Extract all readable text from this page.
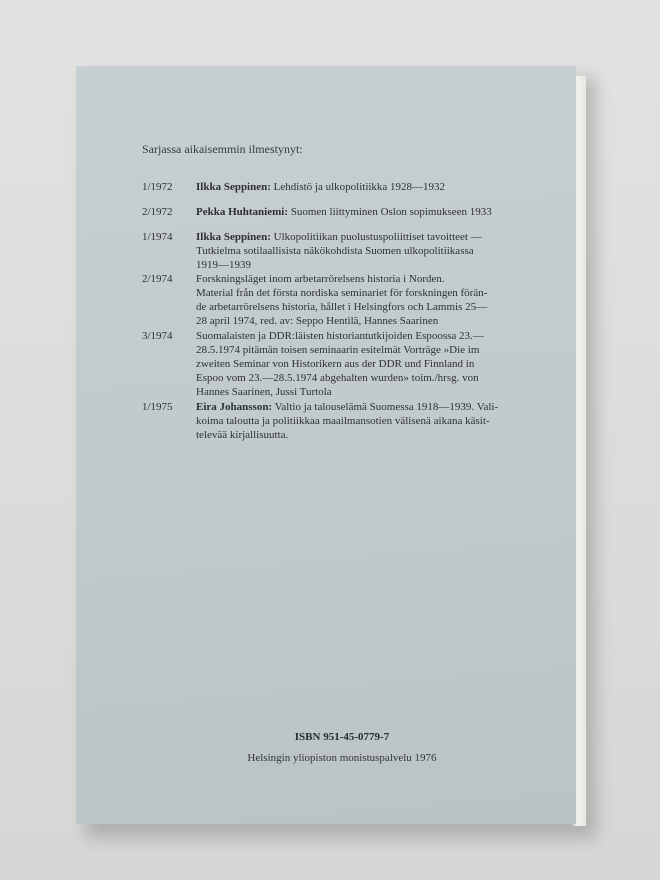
Sarjassa aikaisemmin ilmestynyt:
1/1972	Ilkka Seppinen: Lehdistö ja ulkopolitiikka 1928—1932
2/1972	Pekka Huhtaniemi: Suomen liittyminen Oslon sopimukseen 1933
1/1974	Ilkka Seppinen: Ulkopolitiikan puolustuspoliittiset tavoitteet —
Tutkielma sotilaallisista näkökohdista Suomen ulkopolitiikassa
1919—1939
2/1974	Forskningsläget inom arbetarrörelsens historia i Norden.
Material från det första nordiska seminariet för forskningen förän-
de arbetarrörelsens historia, hållet i Helsingfors och Lammis 25—
28 april 1974, red. av: Seppo Hentilä, Hannes Saarinen
3/1974	Suomalaisten ja DDR:läisten historiantutkijoiden Espoossa 23.—
28.5.1974 pitämän toisen seminaarin esitelmät Vorträge »Die im
zweiten Seminar von Historikern aus der DDR und Finnland in
Espoo vom 23.—28.5.1974 abgehalten wurden» toim./hrsg. von
Hannes Saarinen, Jussi Turtola
1/1975	Eira Johansson: Valtio ja talouselämä Suomessa 1918—1939. Vali-
koima taloutta ja politiikkaa maailmansotien välisenä aikana käsit-
televää kirjallisuutta.
ISBN 951-45-0779-7
Helsingin yliopiston monistuspalvelu 1976
